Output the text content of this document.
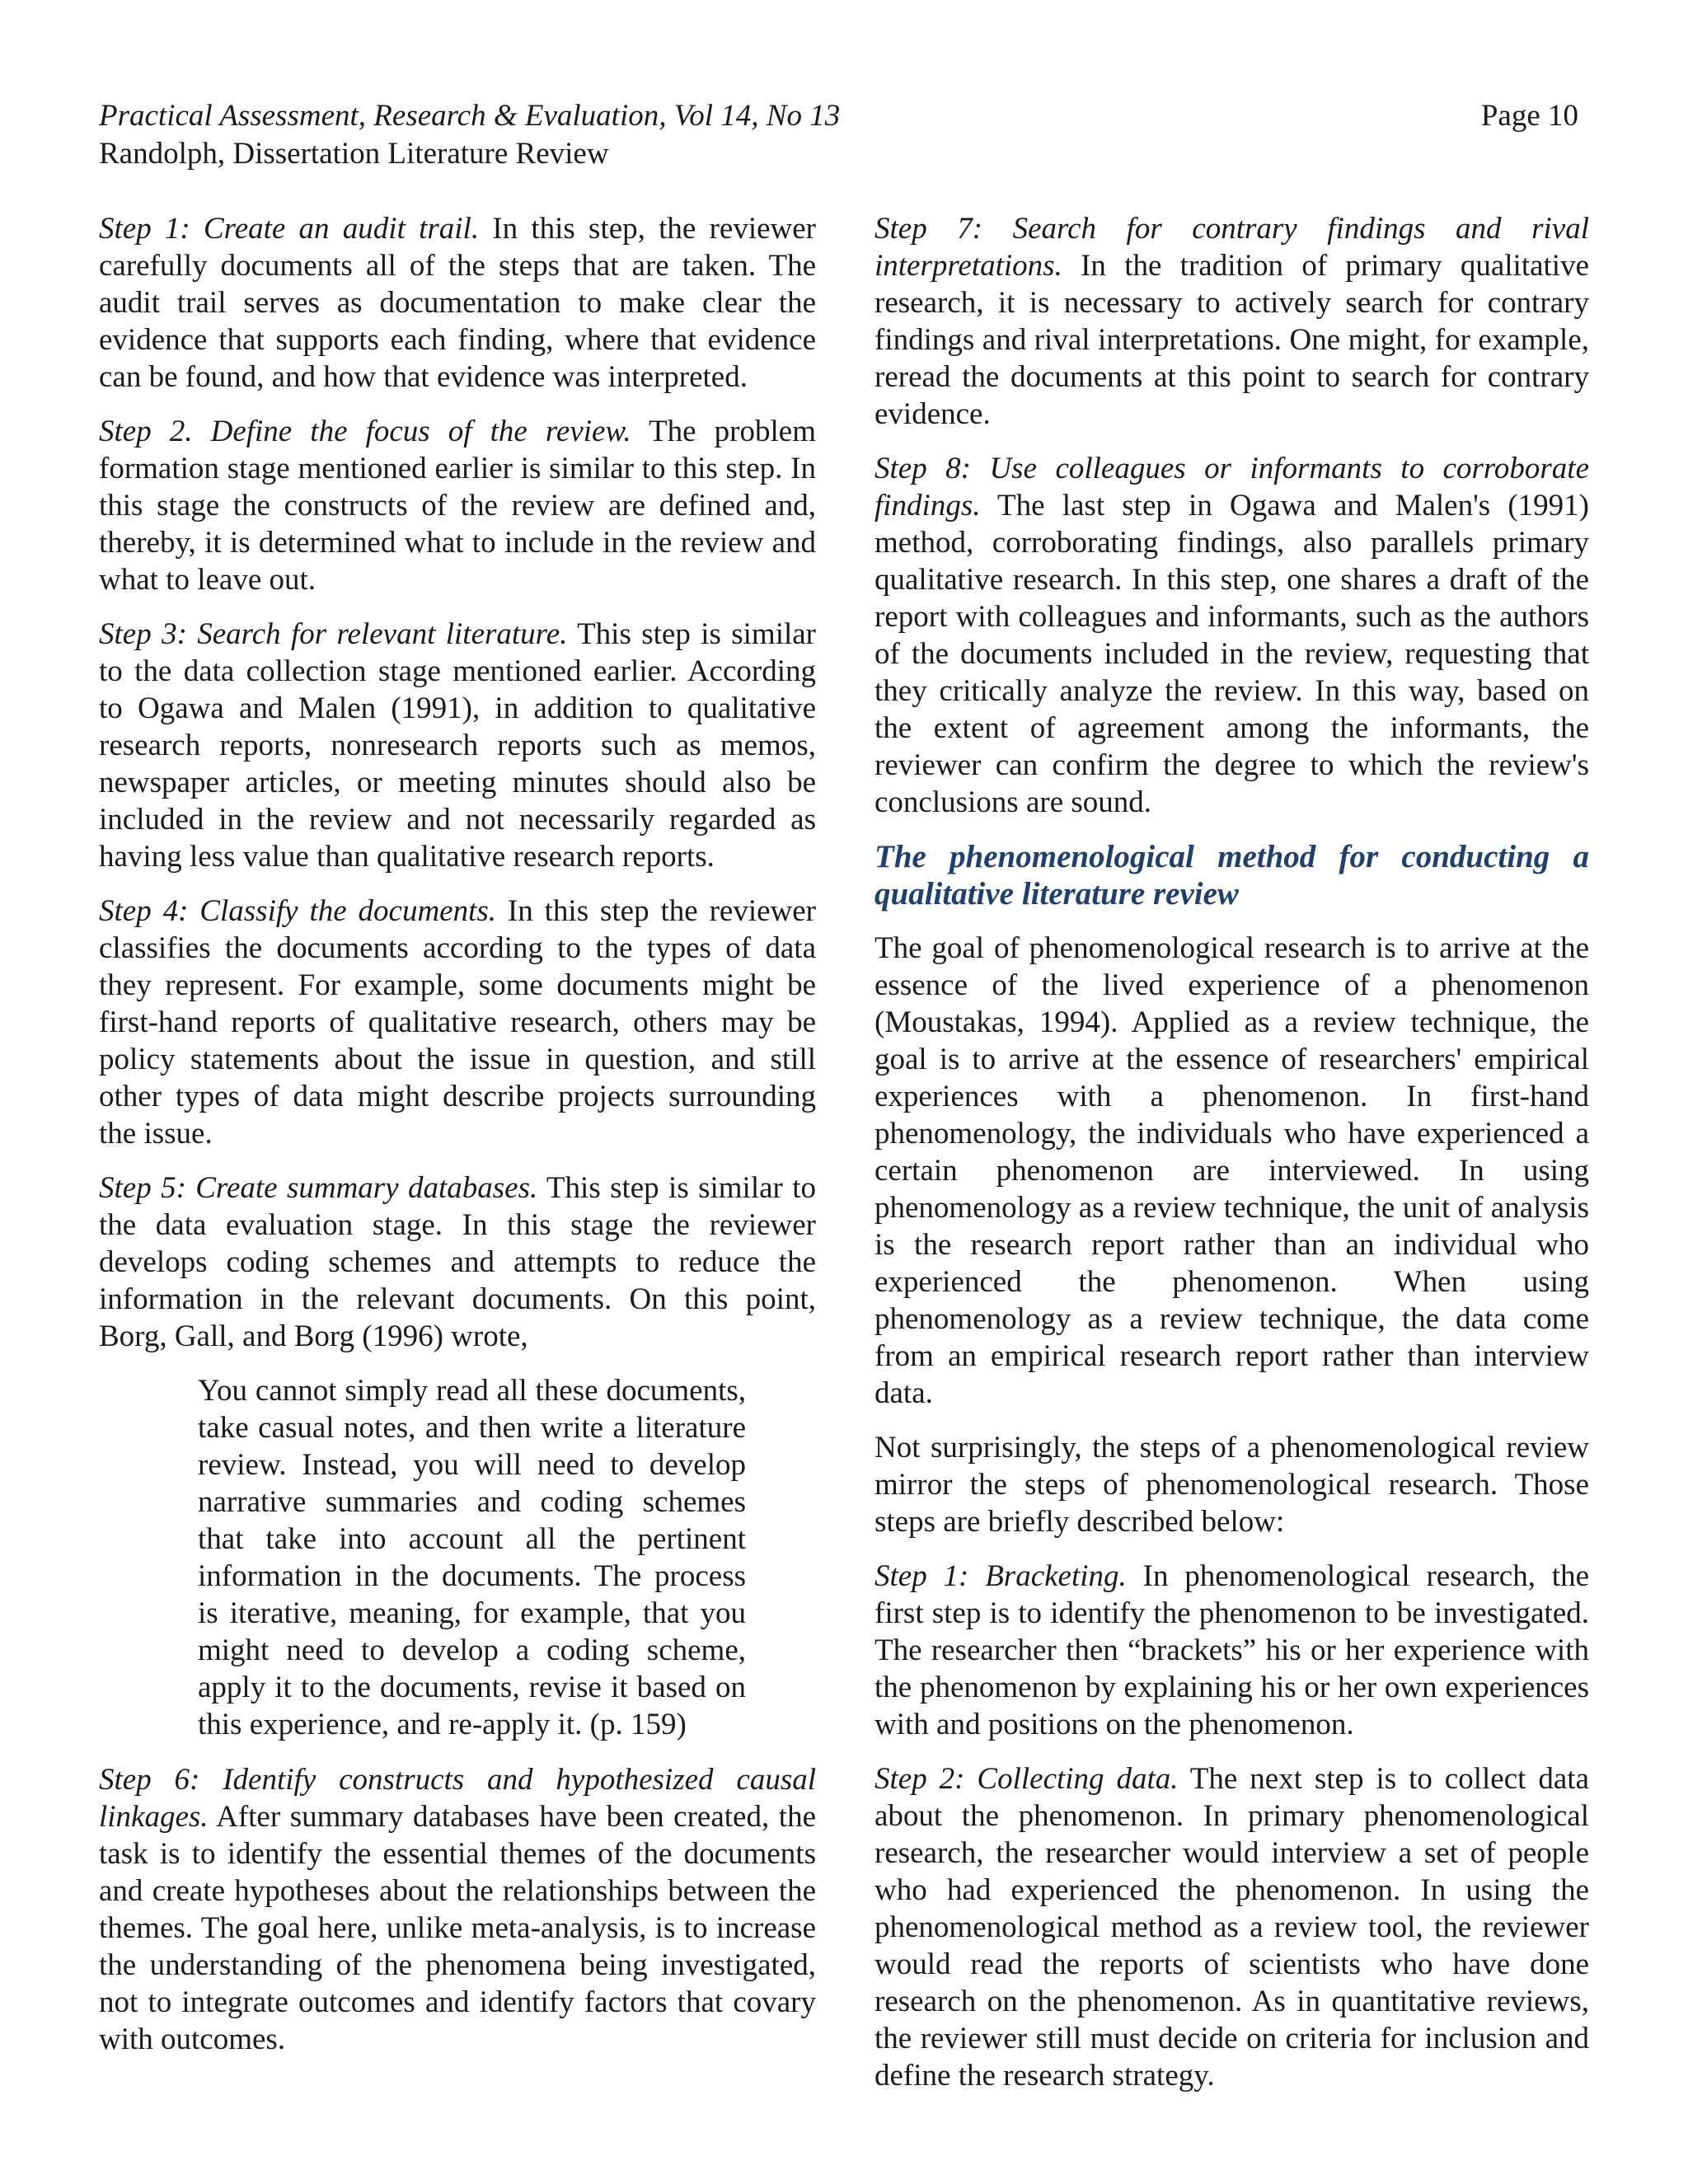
Practical Assessment, Research & Evaluation, Vol 14, No 13
Randolph, Dissertation Literature Review
Page 10

Step 1: Create an audit trail. In this step, the reviewer carefully documents all of the steps that are taken. The audit trail serves as documentation to make clear the evidence that supports each finding, where that evidence can be found, and how that evidence was interpreted.

Step 2. Define the focus of the review. The problem formation stage mentioned earlier is similar to this step. In this stage the constructs of the review are defined and, thereby, it is determined what to include in the review and what to leave out.

Step 3: Search for relevant literature. This step is similar to the data collection stage mentioned earlier. According to Ogawa and Malen (1991), in addition to qualitative research reports, nonresearch reports such as memos, newspaper articles, or meeting minutes should also be included in the review and not necessarily regarded as having less value than qualitative research reports.

Step 4: Classify the documents. In this step the reviewer classifies the documents according to the types of data they represent. For example, some documents might be first-hand reports of qualitative research, others may be policy statements about the issue in question, and still other types of data might describe projects surrounding the issue.

Step 5: Create summary databases. This step is similar to the data evaluation stage. In this stage the reviewer develops coding schemes and attempts to reduce the information in the relevant documents. On this point, Borg, Gall, and Borg (1996) wrote,

You cannot simply read all these documents, take casual notes, and then write a literature review. Instead, you will need to develop narrative summaries and coding schemes that take into account all the pertinent information in the documents. The process is iterative, meaning, for example, that you might need to develop a coding scheme, apply it to the documents, revise it based on this experience, and re-apply it. (p. 159)

Step 6: Identify constructs and hypothesized causal linkages. After summary databases have been created, the task is to identify the essential themes of the documents and create hypotheses about the relationships between the themes. The goal here, unlike meta-analysis, is to increase the understanding of the phenomena being investigated, not to integrate outcomes and identify factors that covary with outcomes.

Step 7: Search for contrary findings and rival interpretations. In the tradition of primary qualitative research, it is necessary to actively search for contrary findings and rival interpretations. One might, for example, reread the documents at this point to search for contrary evidence.

Step 8: Use colleagues or informants to corroborate findings. The last step in Ogawa and Malen's (1991) method, corroborating findings, also parallels primary qualitative research. In this step, one shares a draft of the report with colleagues and informants, such as the authors of the documents included in the review, requesting that they critically analyze the review. In this way, based on the extent of agreement among the informants, the reviewer can confirm the degree to which the review's conclusions are sound.

The phenomenological method for conducting a qualitative literature review

The goal of phenomenological research is to arrive at the essence of the lived experience of a phenomenon (Moustakas, 1994). Applied as a review technique, the goal is to arrive at the essence of researchers' empirical experiences with a phenomenon. In first-hand phenomenology, the individuals who have experienced a certain phenomenon are interviewed. In using phenomenology as a review technique, the unit of analysis is the research report rather than an individual who experienced the phenomenon. When using phenomenology as a review technique, the data come from an empirical research report rather than interview data.

Not surprisingly, the steps of a phenomenological review mirror the steps of phenomenological research. Those steps are briefly described below:

Step 1: Bracketing. In phenomenological research, the first step is to identify the phenomenon to be investigated. The researcher then “brackets” his or her experience with the phenomenon by explaining his or her own experiences with and positions on the phenomenon.

Step 2: Collecting data. The next step is to collect data about the phenomenon. In primary phenomenological research, the researcher would interview a set of people who had experienced the phenomenon. In using the phenomenological method as a review tool, the reviewer would read the reports of scientists who have done research on the phenomenon. As in quantitative reviews, the reviewer still must decide on criteria for inclusion and define the research strategy.
